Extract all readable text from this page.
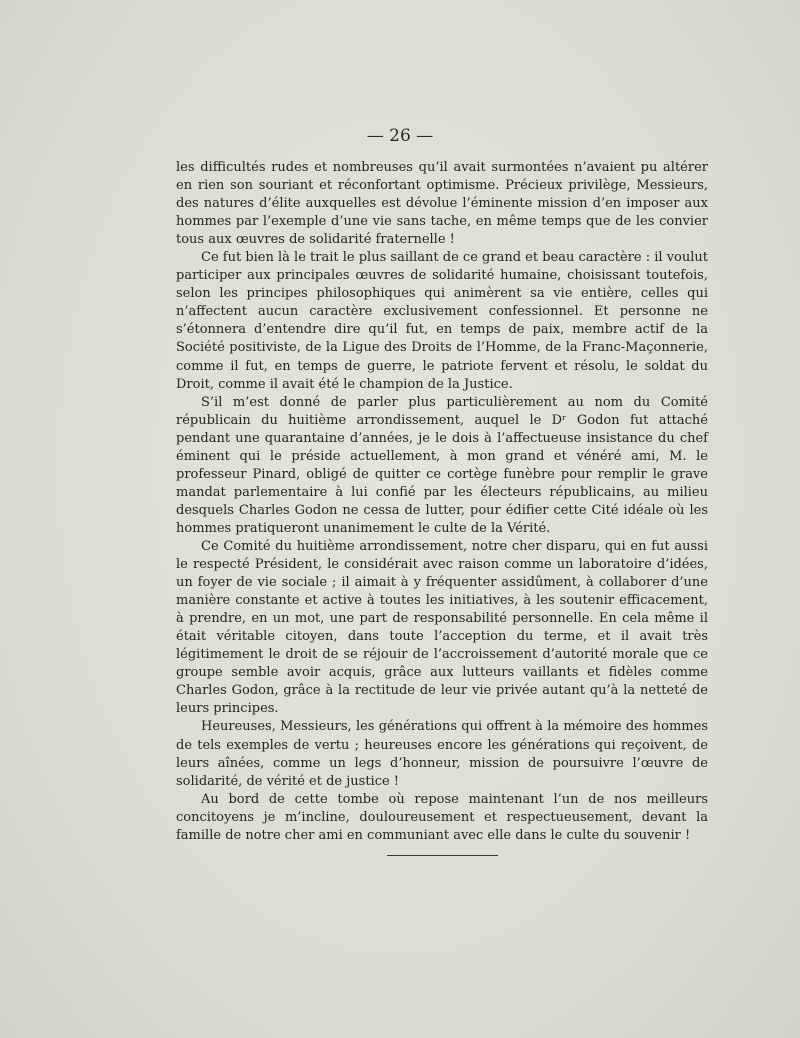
— 26 —

les difficultés rudes et nombreuses qu’il avait surmontées n’avaient pu altérer en rien son souriant et réconfortant optimisme. Précieux privilège, Messieurs, des natures d’élite auxquelles est dévolue l’éminente mission d’en imposer aux hommes par l’exemple d’une vie sans tache, en même temps que de les convier tous aux œuvres de solidarité fraternelle !

Ce fut bien là le trait le plus saillant de ce grand et beau caractère : il voulut participer aux principales œuvres de solidarité humaine, choisissant toutefois, selon les principes philosophiques qui animèrent sa vie entière, celles qui n’affectent aucun caractère exclusivement confessionnel. Et personne ne s’étonnera d’entendre dire qu’il fut, en temps de paix, membre actif de la Société positiviste, de la Ligue des Droits de l’Homme, de la Franc-Maçonnerie, comme il fut, en temps de guerre, le patriote fervent et résolu, le soldat du Droit, comme il avait été le champion de la Justice.

S’il m’est donné de parler plus particulièrement au nom du Comité républicain du huitième arrondissement, auquel le Dʳ Godon fut attaché pendant une quarantaine d’années, je le dois à l’affectueuse insistance du chef éminent qui le préside actuellement, à mon grand et vénéré ami, M. le professeur Pinard, obligé de quitter ce cortège funèbre pour remplir le grave mandat parlementaire à lui confié par les électeurs républicains, au milieu desquels Charles Godon ne cessa de lutter, pour édifier cette Cité idéale où les hommes pratiqueront unanimement le culte de la Vérité.

Ce Comité du huitième arrondissement, notre cher disparu, qui en fut aussi le respecté Président, le considérait avec raison comme un laboratoire d’idées, un foyer de vie sociale ; il aimait à y fréquenter assidûment, à collaborer d’une manière constante et active à toutes les initiatives, à les soutenir efficacement, à prendre, en un mot, une part de responsabilité personnelle. En cela même il était véritable citoyen, dans toute l’acception du terme, et il avait très légitimement le droit de se réjouir de l’accroissement d’autorité morale que ce groupe semble avoir acquis, grâce aux lutteurs vaillants et fidèles comme Charles Godon, grâce à la rectitude de leur vie privée autant qu’à la netteté de leurs principes.

Heureuses, Messieurs, les générations qui offrent à la mémoire des hommes de tels exemples de vertu ; heureuses encore les générations qui reçoivent, de leurs aînées, comme un legs d’honneur, mission de poursuivre l’œuvre de solidarité, de vérité et de justice !

Au bord de cette tombe où repose maintenant l’un de nos meilleurs concitoyens je m’incline, douloureusement et respectueusement, devant la famille de notre cher ami en communiant avec elle dans le culte du souvenir !
